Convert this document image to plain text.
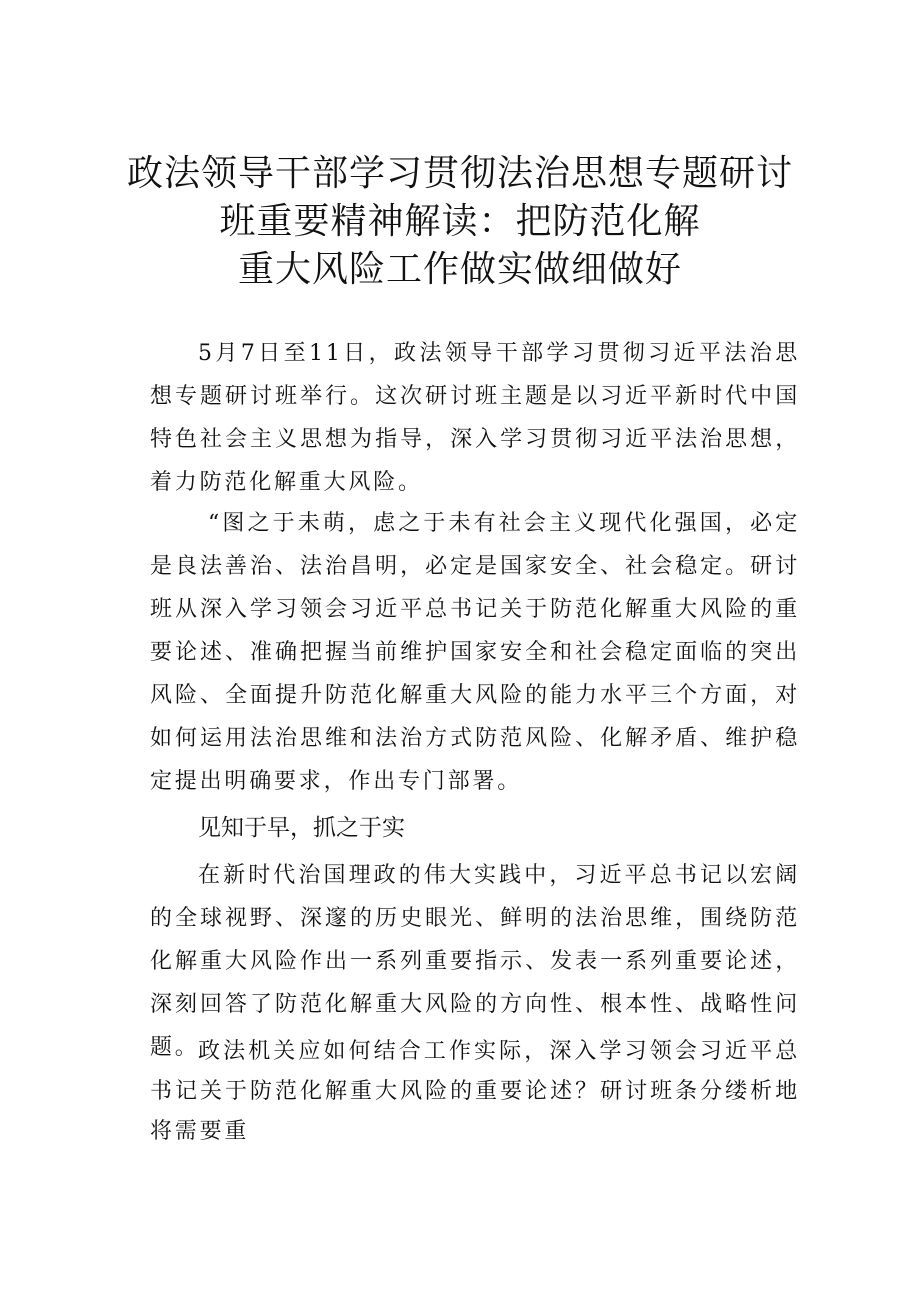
政法领导干部学习贯彻法治思想专题研讨
班重要精神解读：把防范化解
重大风险工作做实做细做好

5月7日至11日，政法领导干部学习贯彻习近平法治思想专题研讨班举行。这次研讨班主题是以习近平新时代中国特色社会主义思想为指导，深入学习贯彻习近平法治思想，着力防范化解重大风险。

“图之于未萌，虑之于未有社会主义现代化强国，必定是良法善治、法治昌明，必定是国家安全、社会稳定。研讨班从深入学习领会习近平总书记关于防范化解重大风险的重要论述、准确把握当前维护国家安全和社会稳定面临的突出风险、全面提升防范化解重大风险的能力水平三个方面，对如何运用法治思维和法治方式防范风险、化解矛盾、维护稳定提出明确要求，作出专门部署。

见知于早，抓之于实

在新时代治国理政的伟大实践中，习近平总书记以宏阔的全球视野、深邃的历史眼光、鲜明的法治思维，围绕防范化解重大风险作出一系列重要指示、发表一系列重要论述，深刻回答了防范化解重大风险的方向性、根本性、战略性问题。

政法机关应如何结合工作实际，深入学习领会习近平总书记关于防范化解重大风险的重要论述？研讨班条分缕析地将需要重
